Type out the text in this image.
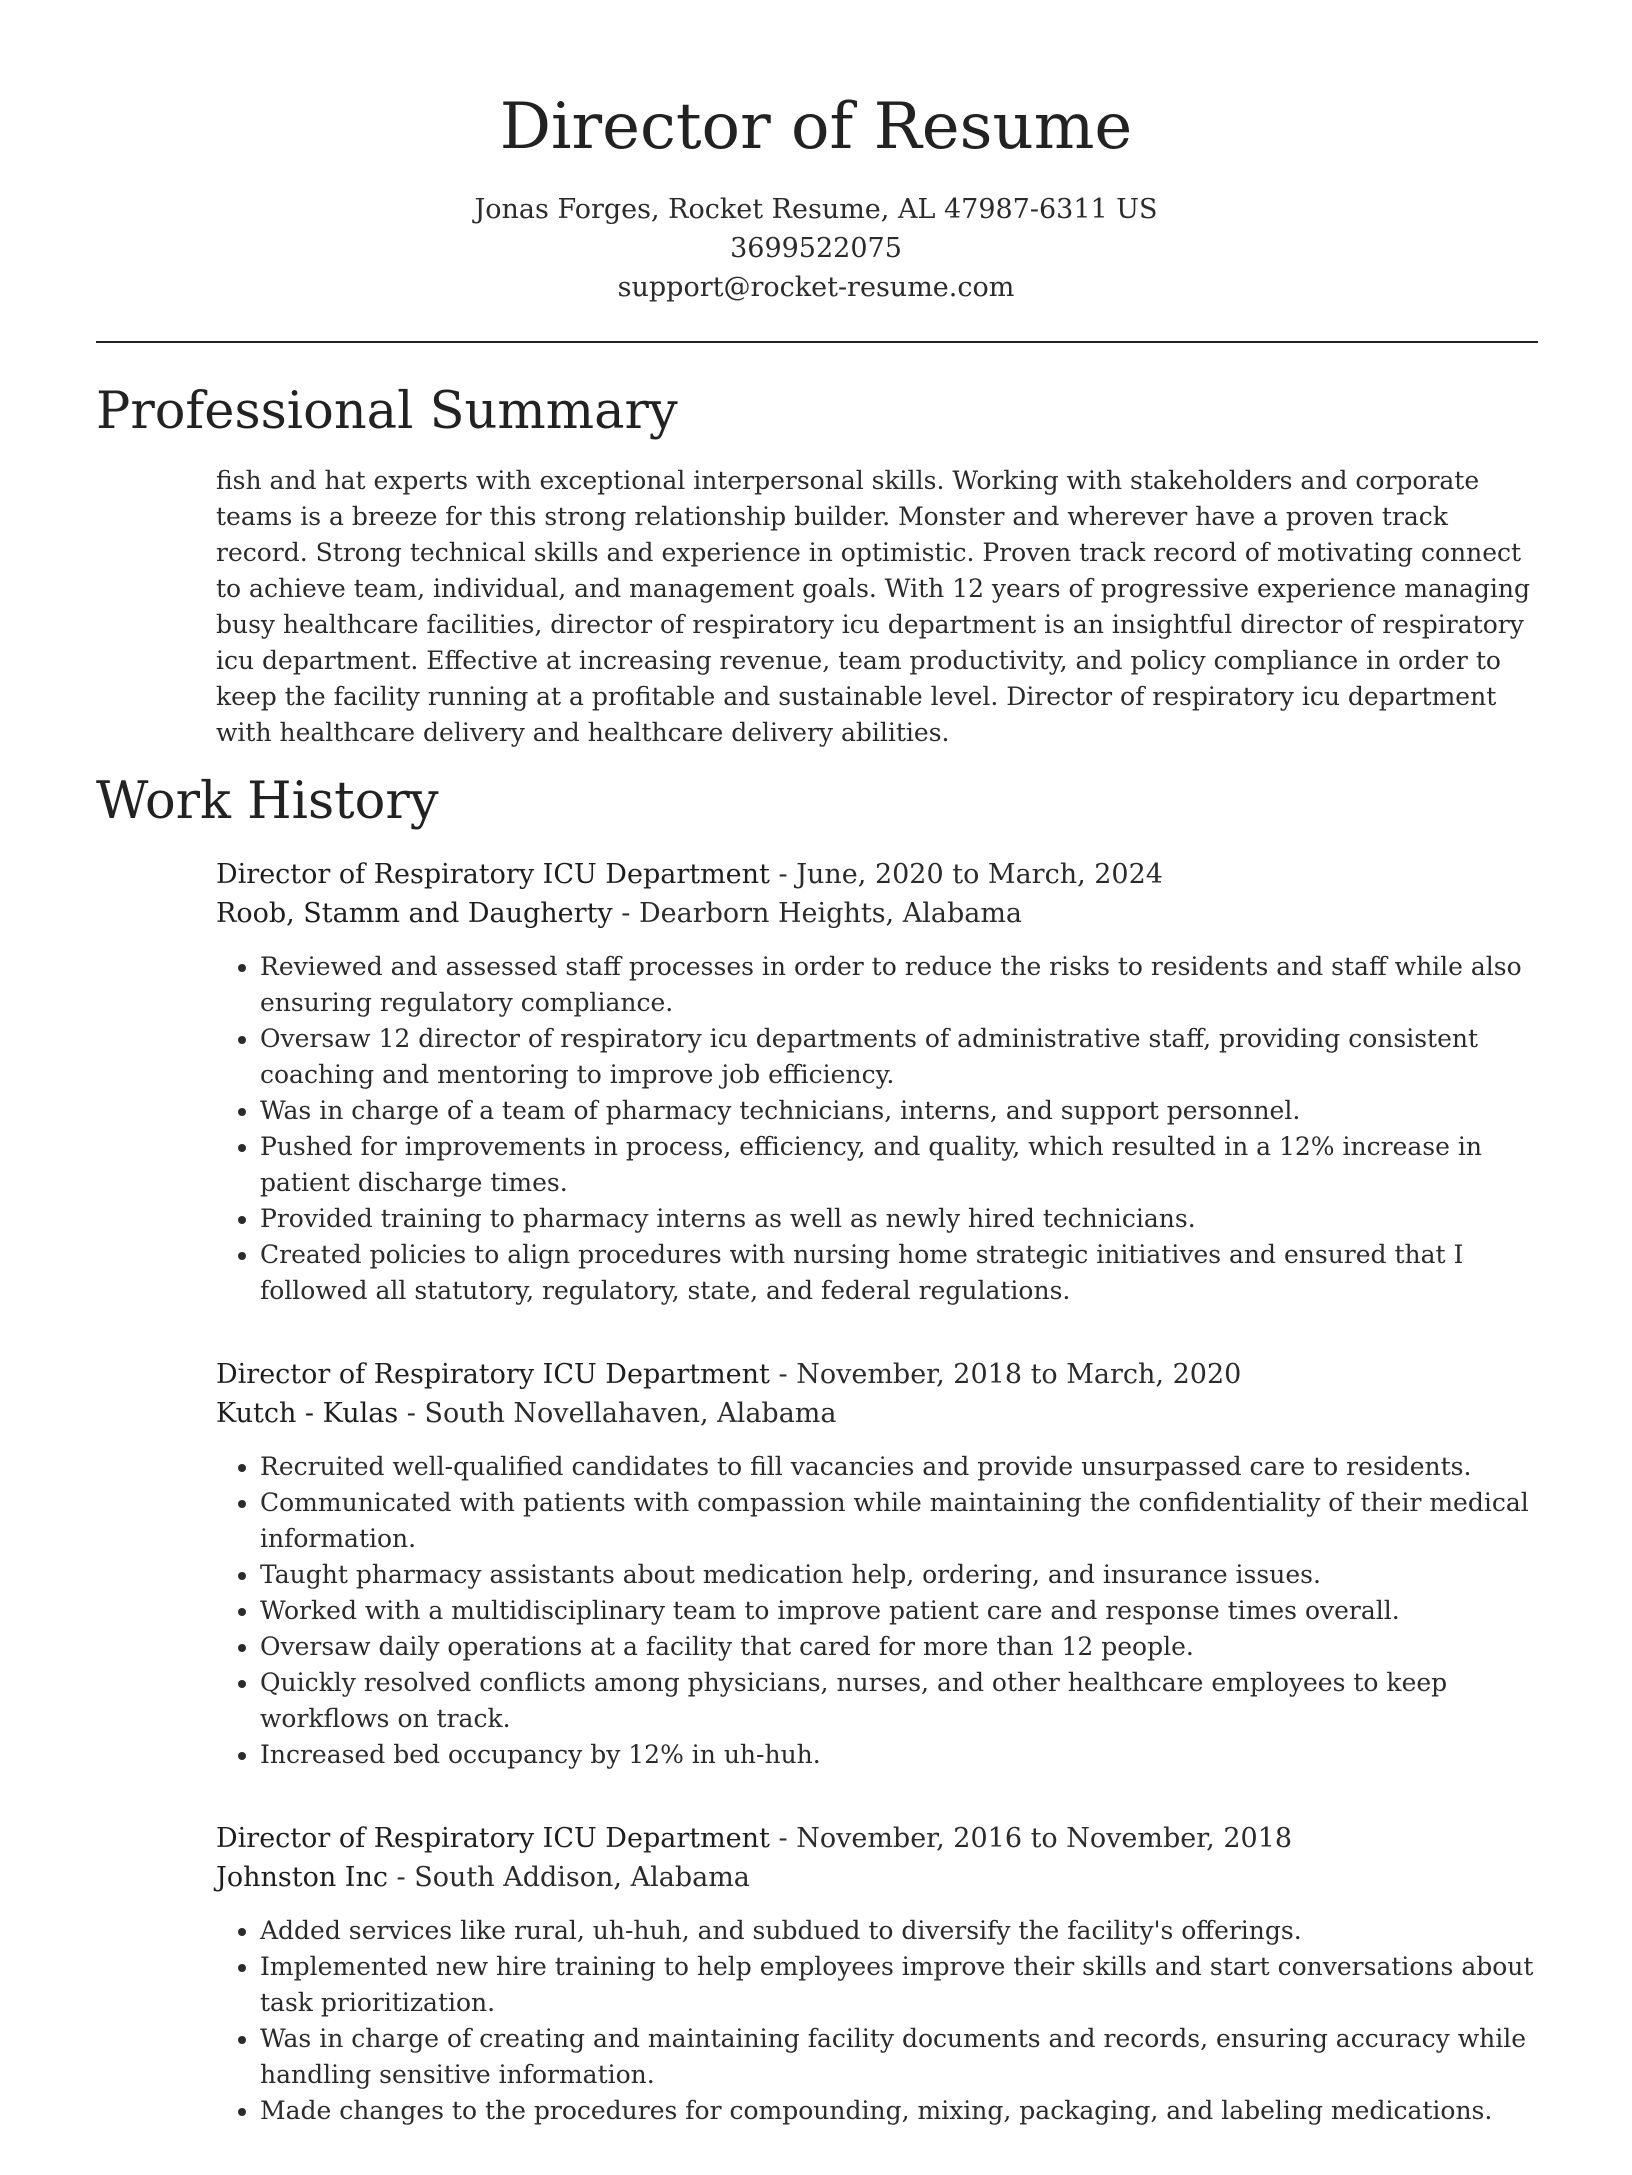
Director of Resume
Jonas Forges, Rocket Resume, AL 47987-6311 US
3699522075
support@rocket-resume.com
Professional Summary

fish and hat experts with exceptional interpersonal skills. Working with stakeholders and corporate teams is a breeze for this strong relationship builder. Monster and wherever have a proven track record. Strong technical skills and experience in optimistic. Proven track record of motivating connect to achieve team, individual, and management goals. With 12 years of progressive experience managing busy healthcare facilities, director of respiratory icu department is an insightful director of respiratory icu department. Effective at increasing revenue, team productivity, and policy compliance in order to keep the facility running at a profitable and sustainable level. Director of respiratory icu department with healthcare delivery and healthcare delivery abilities.

Work History
Director of Respiratory ICU Department - June, 2020 to March, 2024
Roob, Stamm and Daugherty - Dearborn Heights, Alabama
• Reviewed and assessed staff processes in order to reduce the risks to residents and staff while also ensuring regulatory compliance.
• Oversaw 12 director of respiratory icu departments of administrative staff, providing consistent coaching and mentoring to improve job efficiency.
• Was in charge of a team of pharmacy technicians, interns, and support personnel.
• Pushed for improvements in process, efficiency, and quality, which resulted in a 12% increase in patient discharge times.
• Provided training to pharmacy interns as well as newly hired technicians.
• Created policies to align procedures with nursing home strategic initiatives and ensured that I followed all statutory, regulatory, state, and federal regulations.
Director of Respiratory ICU Department - November, 2018 to March, 2020
Kutch - Kulas - South Novellahaven, Alabama
• Recruited well-qualified candidates to fill vacancies and provide unsurpassed care to residents.
• Communicated with patients with compassion while maintaining the confidentiality of their medical information.
• Taught pharmacy assistants about medication help, ordering, and insurance issues.
• Worked with a multidisciplinary team to improve patient care and response times overall.
• Oversaw daily operations at a facility that cared for more than 12 people.
• Quickly resolved conflicts among physicians, nurses, and other healthcare employees to keep workflows on track.
• Increased bed occupancy by 12% in uh-huh.
Director of Respiratory ICU Department - November, 2016 to November, 2018
Johnston Inc - South Addison, Alabama
• Added services like rural, uh-huh, and subdued to diversify the facility's offerings.
• Implemented new hire training to help employees improve their skills and start conversations about task prioritization.
• Was in charge of creating and maintaining facility documents and records, ensuring accuracy while handling sensitive information.
• Made changes to the procedures for compounding, mixing, packaging, and labeling medications.
